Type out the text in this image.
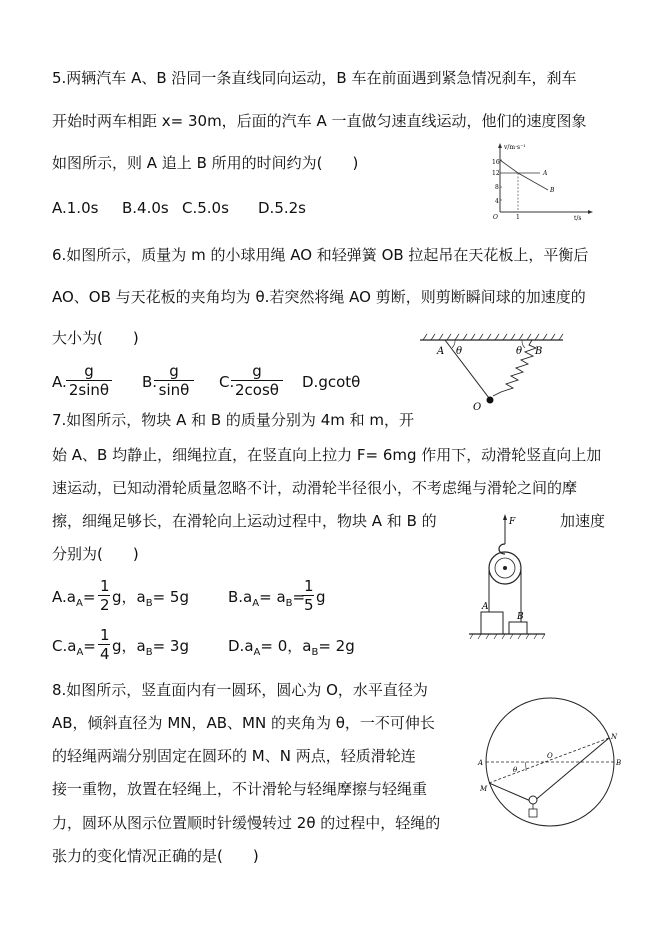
5.两辆汽车 A、B 沿同一条直线同向运动，B 车在前面遇到紧急情况刹车，刹车
开始时两车相距 x= 30m，后面的汽车 A 一直做匀速直线运动，他们的速度图象
如图所示，则 A 追上 B 所用的时间约为(　　)
A.1.0s B.4.0s C.5.0s D.5.2s
v/m·s⁻¹
16
12
8
4
A
B
O	1	t/s
6.如图所示，质量为 m 的小球用绳 AO 和轻弹簧 OB 拉起吊在天花板上，平衡后
AO、OB 与天花板的夹角均为 θ.若突然将绳 AO 剪断，则剪断瞬间球的加速度的
大小为(　　)
A. $\frac{g}{2\sin\theta} B$.
$\frac{g}{\sin\theta} C$.
$\frac{g}{2\cos\theta} D.gcot\theta$
A θ	θ B
O
7.如图所示，物块 A 和 B 的质量分别为 4m 和 m，开
始 A、B 均静止，细绳拉直，在竖直向上拉力 F= 6mg 作用下，动滑轮竖直向上加
速运动，已知动滑轮质量忽略不计，动滑轮半径很小，不考虑绳与滑轮之间的摩
擦，细绳足够长，在滑轮向上运动过程中，物块 A 和 B 的	加速度
分别为(　　)
$A.a_A= \frac{1}{2}$ g，$a_B= 5g$	$B.a_A= a_B=$
$\frac{1}{5}$ g
$C.a_A= \frac{1}{4}$ g，$a_B= 3g$	$D.a_A= 0$，$a_B= 2g$
F
A
B
8.如图所示，竖直面内有一圆环，圆心为 O，水平直径为
AB，倾斜直径为 MN，AB、MN 的夹角为 θ，一不可伸长
的轻绳两端分别固定在圆环的 M、N 两点，轻质滑轮连
接一重物，放置在轻绳上，不计滑轮与轻绳摩擦与轻绳重
力，圆环从图示位置顺时针缓慢转过 2θ 的过程中，轻绳的
张力的变化情况正确的是(　　)
A	B
O
N
M
θ
